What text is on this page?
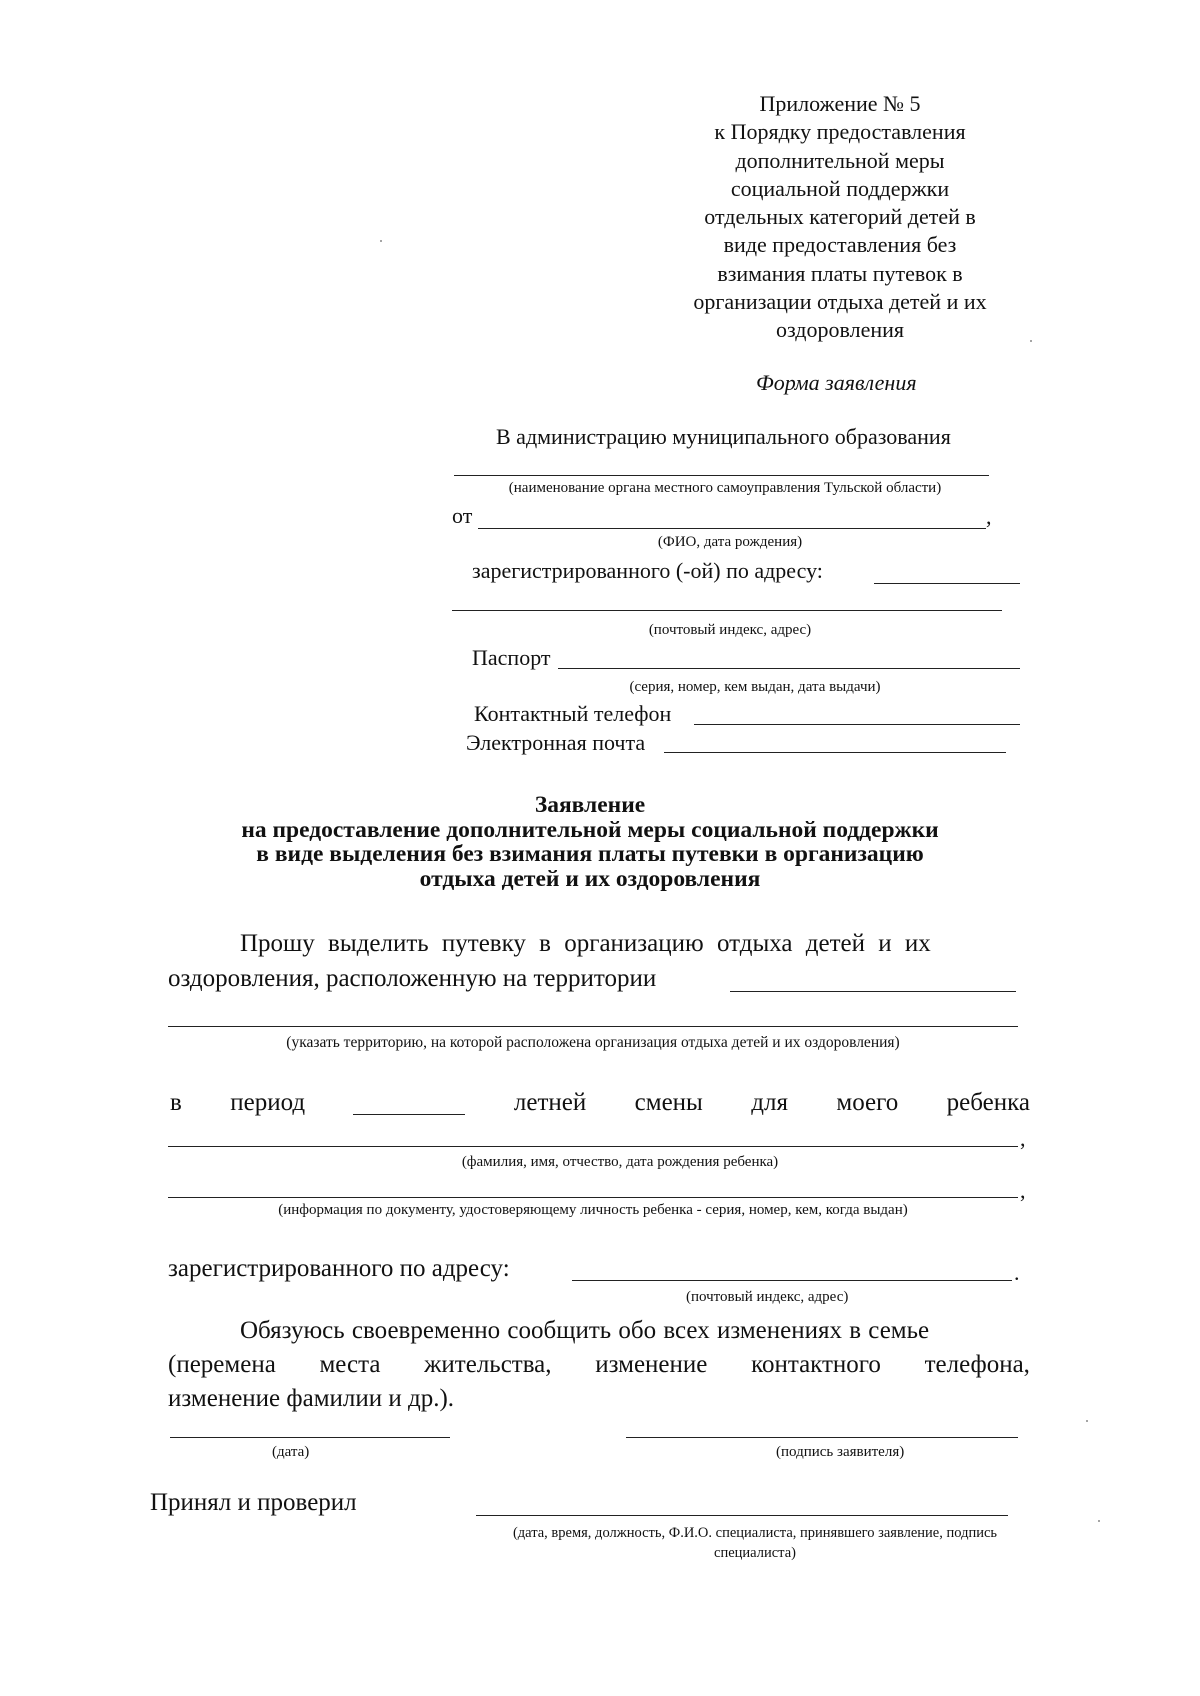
Приложение № 5
к Порядку предоставления
дополнительной меры
социальной поддержки
отдельных категорий детей в
виде предоставления без
взимания платы путевок в
организации отдыха детей и их
оздоровления
Форма заявления
В администрацию муниципального образования
(наименование органа местного самоуправления Тульской области)
от	,
(ФИО, дата рождения)
зарегистрированного (-ой) по адресу:
(почтовый индекс, адрес)
Паспорт
(серия, номер, кем выдан, дата выдачи)
Контактный телефон
Электронная почта
Заявление
на предоставление дополнительной меры социальной поддержки
в виде выделения без взимания платы путевки в организацию
отдыха детей и их оздоровления
Прошу выделить путевку в организацию отдыха детей и их
оздоровления, расположенную на территории
(указать территорию, на которой расположена организация отдыха детей и их оздоровления)
в период	летней смены для моего ребенка
,
(фамилия, имя, отчество, дата рождения ребенка)
,
(информация по документу, удостоверяющему личность ребенка - серия, номер, кем, когда выдан)
зарегистрированного по адресу:	.
(почтовый индекс, адрес)
Обязуюсь своевременно сообщить обо всех изменениях в семье
(перемена места жительства, изменение контактного телефона,
изменение фамилии и др.).
(дата)	(подпись заявителя)
Принял и проверил
(дата, время, должность, Ф.И.О. специалиста, принявшего заявление, подпись
специалиста)
